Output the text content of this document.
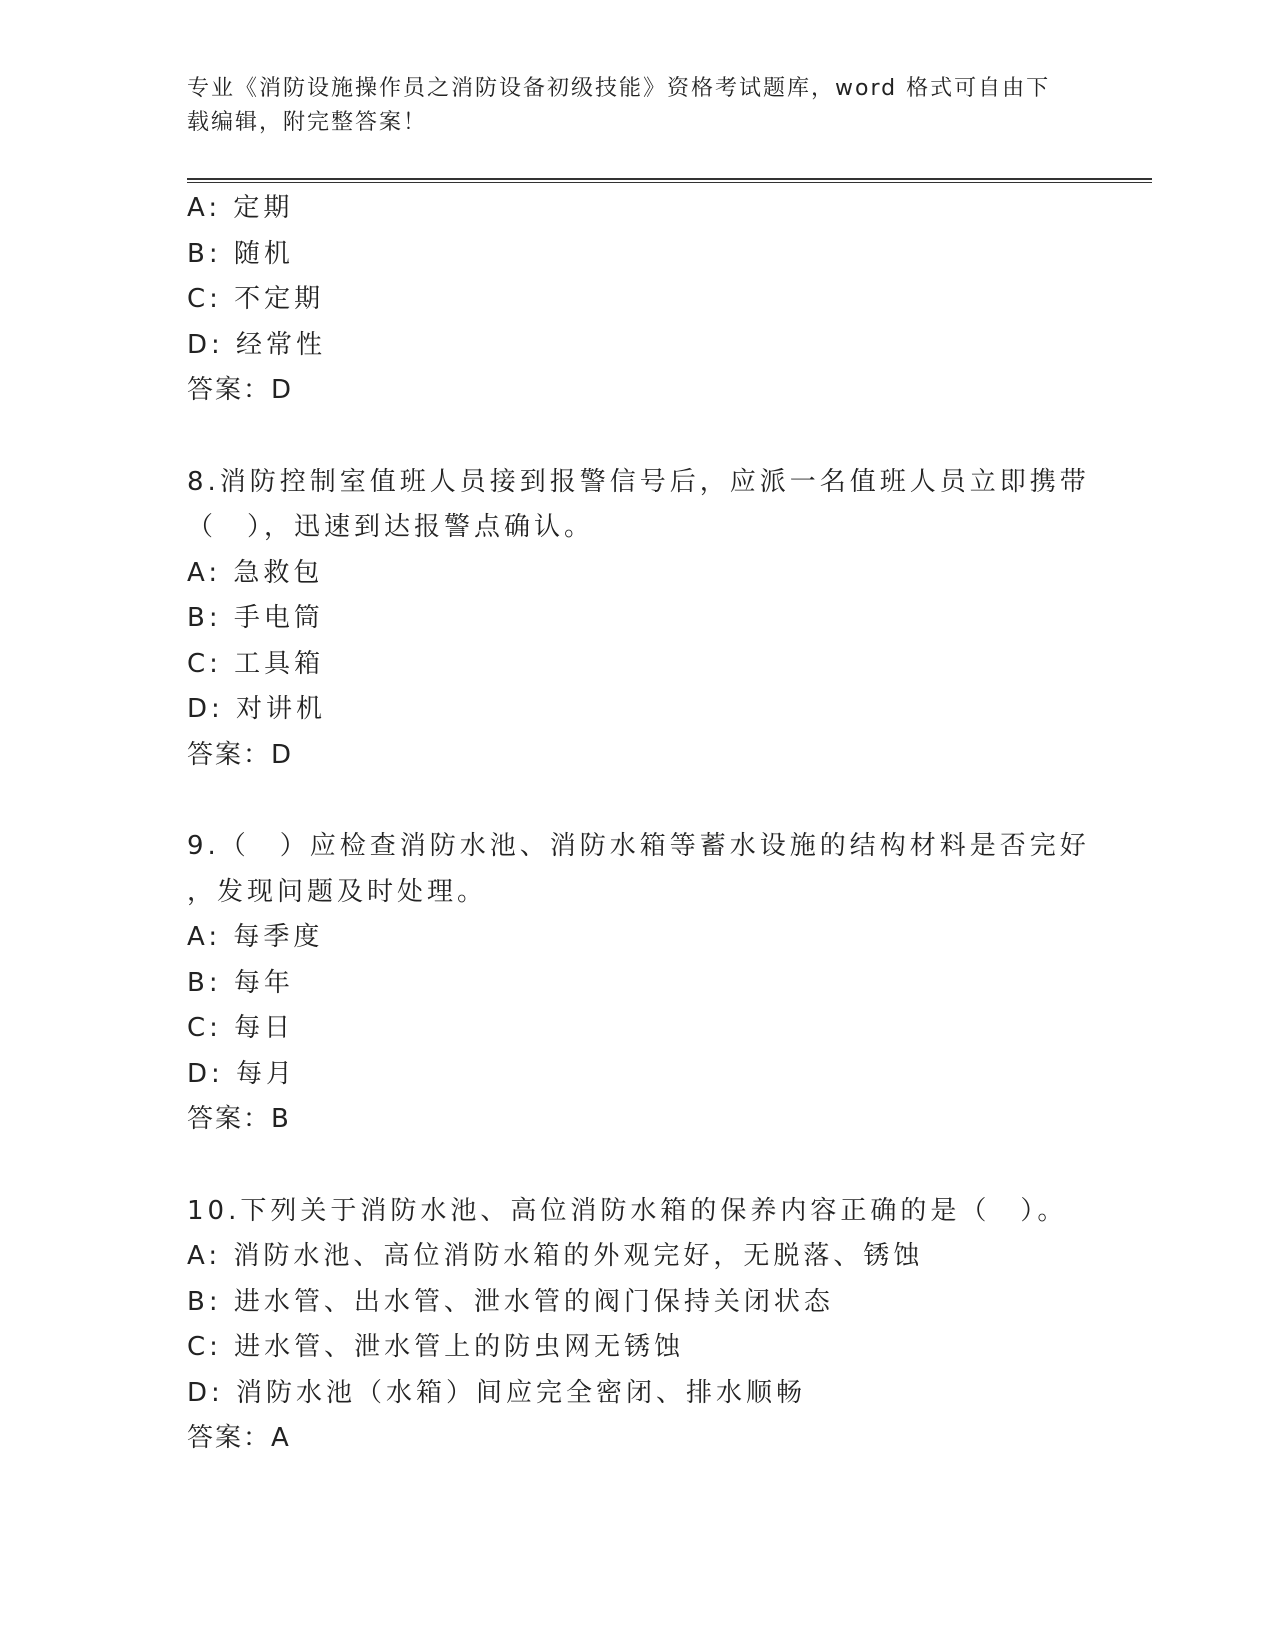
专业《消防设施操作员之消防设备初级技能》资格考试题库，word 格式可自由下
载编辑，附完整答案！
A: 定期
B: 随机
C: 不定期
D: 经常性
答案：D
8.消防控制室值班人员接到报警信号后，应派一名值班人员立即携带
（　），迅速到达报警点确认。
A: 急救包
B: 手电筒
C: 工具箱
D: 对讲机
答案：D
9.（　）应检查消防水池、消防水箱等蓄水设施的结构材料是否完好
，发现问题及时处理。
A: 每季度
B: 每年
C: 每日
D: 每月
答案：B
10.下列关于消防水池、高位消防水箱的保养内容正确的是（　）。
A: 消防水池、高位消防水箱的外观完好，无脱落、锈蚀
B: 进水管、出水管、泄水管的阀门保持关闭状态
C: 进水管、泄水管上的防虫网无锈蚀
D: 消防水池（水箱）间应完全密闭、排水顺畅
答案：A
